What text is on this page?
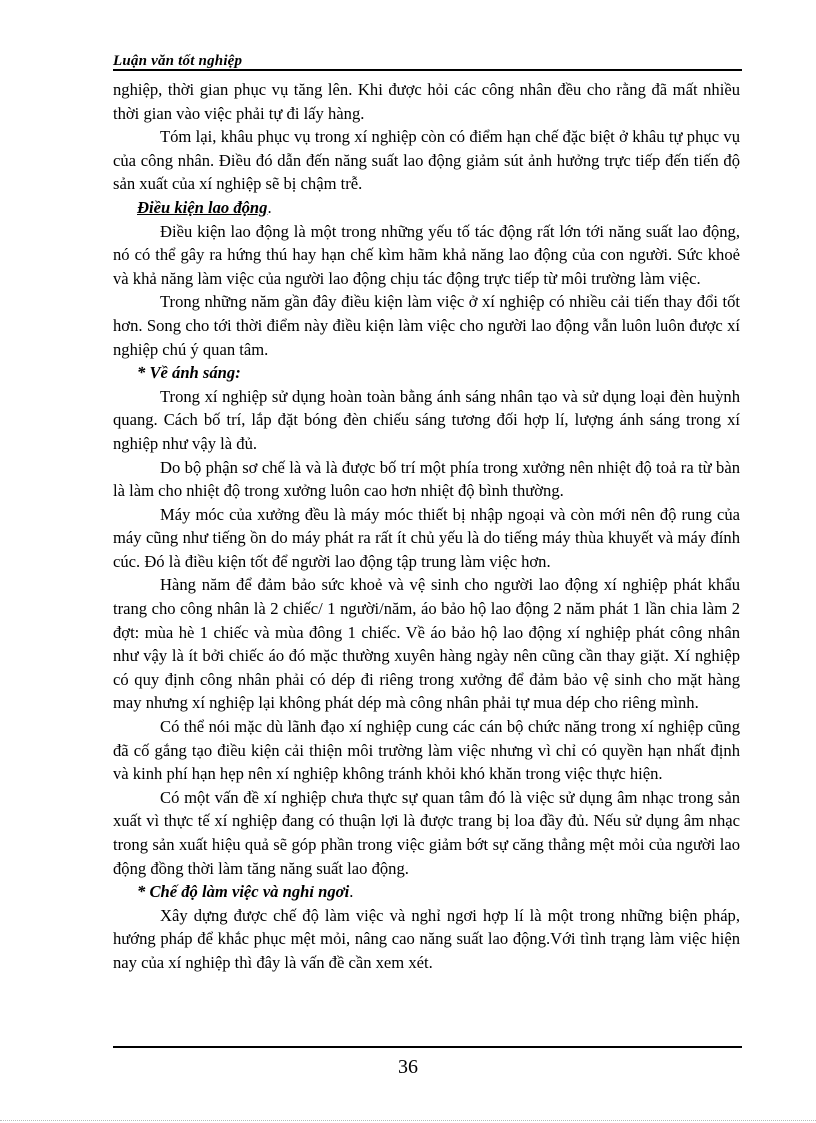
Luận văn tốt nghiệp

nghiệp, thời gian phục vụ tăng lên. Khi được hỏi các công nhân đều cho rằng đã mất nhiều thời gian vào việc phải tự đi lấy hàng.

Tóm lại, khâu phục vụ trong xí nghiệp còn có điểm hạn chế đặc biệt ở khâu tự phục vụ của công nhân. Điều đó dẫn đến năng suất lao động giảm sút ảnh hưởng trực tiếp đến tiến độ sản xuất của xí nghiệp sẽ bị chậm trễ.

Điều kiện lao động.

Điều kiện lao động là một trong những yếu tố tác động rất lớn tới năng suất lao động, nó có thể gây ra hứng thú hay hạn chế kìm hãm khả năng lao động của con người. Sức khoẻ và khả năng làm việc của người lao động chịu tác động trực tiếp từ môi trường làm việc.

Trong những năm gần đây điều kiện làm việc ở xí nghiệp có nhiều cải tiến thay đổi tốt hơn. Song cho tới thời điểm này điều kiện làm việc cho người lao động vẫn luôn luôn được xí nghiệp chú ý quan tâm.

* Về ánh sáng:

Trong xí nghiệp sử dụng hoàn toàn bằng ánh sáng nhân tạo và sử dụng loại đèn huỳnh quang. Cách bố trí, lắp đặt bóng đèn chiếu sáng tương đối hợp lí, lượng ánh sáng trong xí nghiệp như vậy là đủ.

Do bộ phận sơ chế là và là được bố trí một phía trong xưởng nên nhiệt độ toả ra từ bàn là làm cho nhiệt độ trong xưởng luôn cao hơn nhiệt độ bình thường.

Máy móc của xưởng đều là máy móc thiết bị nhập ngoại và còn mới nên độ rung của máy cũng như tiếng ồn do máy phát ra rất ít chủ yếu là do tiếng máy thùa khuyết và máy đính cúc. Đó là điều kiện tốt để người lao động tập trung làm việc hơn.

Hàng năm để đảm bảo sức khoẻ và vệ sinh cho người lao động xí nghiệp phát khẩu trang cho công nhân là 2 chiếc/ 1 người/năm, áo bảo hộ lao động 2 năm phát 1 lần chia làm 2 đợt: mùa hè 1 chiếc và mùa đông 1 chiếc. Về áo bảo hộ lao động xí nghiệp phát công nhân như vậy là ít bởi chiếc áo đó mặc thường xuyên hàng ngày nên cũng cần thay giặt. Xí nghiệp có quy định công nhân phải có dép đi riêng trong xưởng để đảm bảo vệ sinh cho mặt hàng may nhưng xí nghiệp lại không phát dép mà công nhân phải tự mua dép cho riêng mình.

Có thể nói mặc dù lãnh đạo xí nghiệp cung các cán bộ chức năng trong xí nghiệp cũng đã cố gắng tạo điều kiện cải thiện môi trường làm việc nhưng vì chỉ có quyền hạn nhất định và kinh phí hạn hẹp nên xí nghiệp không tránh khỏi khó khăn trong việc thực hiện.

Có một vấn đề xí nghiệp chưa thực sự quan tâm đó là việc sử dụng âm nhạc trong sản xuất vì thực tế xí nghiệp đang có thuận lợi là được trang bị loa đầy đủ. Nếu sử dụng âm nhạc trong sản xuất hiệu quả sẽ góp phần trong việc giảm bớt sự căng thẳng mệt mỏi của người lao động đồng thời làm tăng năng suất lao động.

* Chế độ làm việc và nghỉ ngơi.

Xây dựng được chế độ làm việc và nghỉ ngơi hợp lí là một trong những biện pháp, hướng pháp để khắc phục mệt mỏi, nâng cao năng suất lao động.Với tình trạng làm việc hiện nay của xí nghiệp thì đây là vấn đề cần xem xét.

36
